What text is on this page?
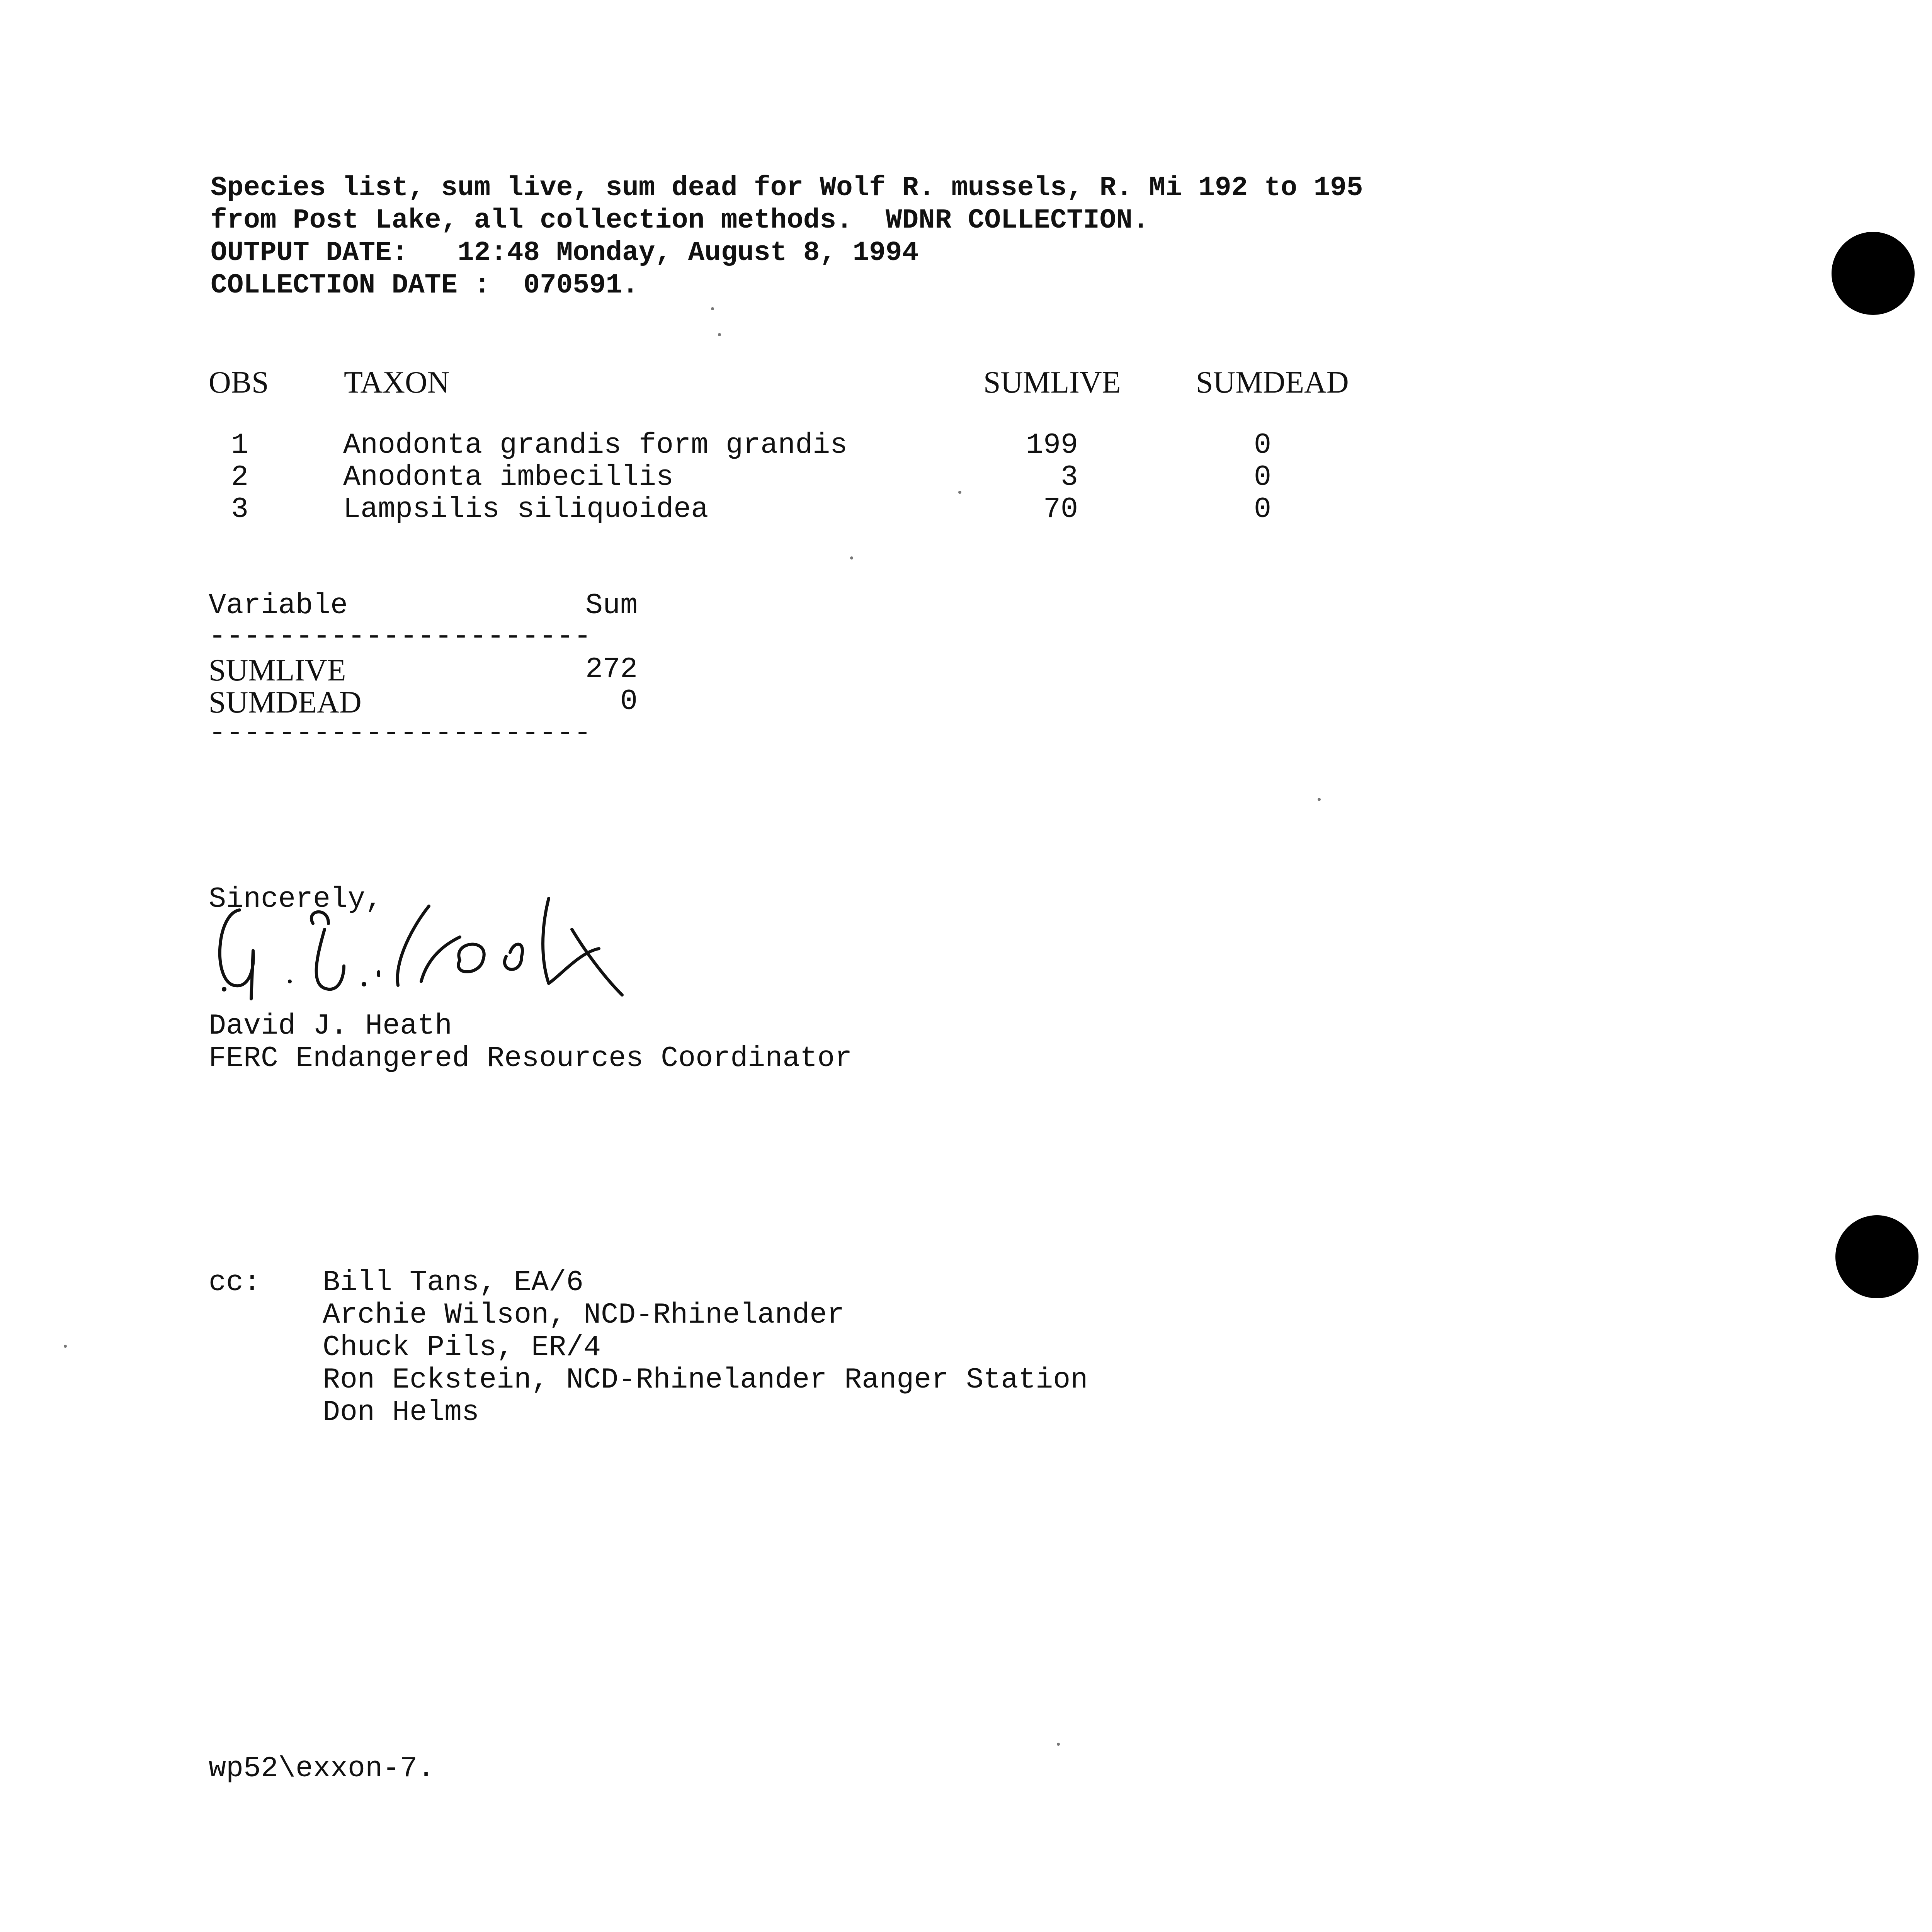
Species list, sum live, sum dead for Wolf R. mussels, R. Mi 192 to 195
from Post Lake, all collection methods.  WDNR COLLECTION.
OUTPUT DATE:   12:48 Monday, August 8, 1994
COLLECTION DATE :  070591.
OBS TAXON	SUMLIVE SUMDEAD
1	Anodonta grandis form grandis	199	0
2	Anodonta imbecillis	3	0
3	Lampsilis siliquoidea	70	0
Variable	Sum
----------------------
SUMLIVE	272
SUMDEAD	0
----------------------
Sincerely,
David J. Heath
FERC Endangered Resources Coordinator
cc: Bill Tans, EA/6
Archie Wilson, NCD-Rhinelander
Chuck Pils, ER/4
Ron Eckstein, NCD-Rhinelander Ranger Station
Don Helms
wp52\exxon-7.
